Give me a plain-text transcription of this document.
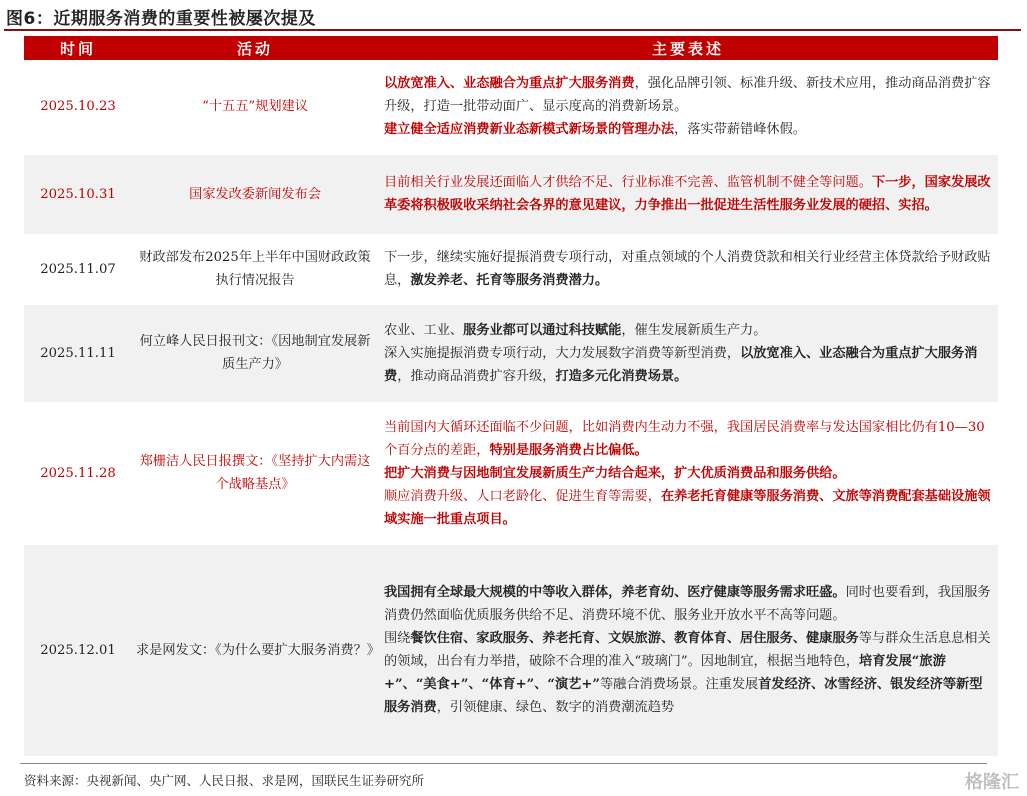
图6：近期服务消费的重要性被屡次提及
时间	活动	主要表述
2025.10.23	“十五五”规划建议	以放宽准入、业态融合为重点扩大服务消费，强化品牌引领、标准升级、新技术应用，推动商品消费扩容升级，打造一批带动面广、显示度高的消费新场景。

建立健全适应消费新业态新模式新场景的管理办法，落实带薪错峰休假。

2025.10.31	国家发改委新闻发布会	目前相关行业发展还面临人才供给不足、行业标准不完善、监管机制不健全等问题。下一步，国家发展改革委将积极吸收采纳社会各界的意见建议，力争推出一批促进生活性服务业发展的硬招、实招。

2025.11.07	财政部发布2025年上半年中国财政政策执行情况报告	下一步，继续实施好提振消费专项行动，对重点领域的个人消费贷款和相关行业经营主体贷款给予财政贴息，激发养老、托育等服务消费潜力。

2025.11.11	何立峰人民日报刊文：《因地制宜发展新质生产力》	农业、工业、服务业都可以通过科技赋能，催生发展新质生产力。

深入实施提振消费专项行动，大力发展数字消费等新型消费，以放宽准入、业态融合为重点扩大服务消费，推动商品消费扩容升级，打造多元化消费场景。

2025.11.28	郑栅洁人民日报撰文：《坚持扩大内需这个战略基点》	当前国内大循环还面临不少问题，比如消费内生动力不强，我国居民消费率与发达国家相比仍有10—30个百分点的差距，特别是服务消费占比偏低。

把扩大消费与因地制宜发展新质生产力结合起来，扩大优质消费品和服务供给。

顺应消费升级、人口老龄化、促进生育等需要，在养老托育健康等服务消费、文旅等消费配套基础设施领域实施一批重点项目。

2025.12.01	求是网发文：《为什么要扩大服务消费？》	我国拥有全球最大规模的中等收入群体，养老育幼、医疗健康等服务需求旺盛。同时也要看到，我国服务消费仍然面临优质服务供给不足、消费环境不优、服务业开放水平不高等问题。

围绕餐饮住宿、家政服务、养老托育、文娱旅游、教育体育、居住服务、健康服务等与群众生活息息相关的领域，出台有力举措，破除不合理的准入“玻璃门”。因地制宜，根据当地特色，培育发展“旅游+”、“美食+”、“体育+”、“演艺+”等融合消费场景。注重发展首发经济、冰雪经济、银发经济等新型服务消费，引领健康、绿色、数字的消费潮流趋势

资料来源：央视新闻、央广网、人民日报、求是网，国联民生证券研究所	格隆汇
